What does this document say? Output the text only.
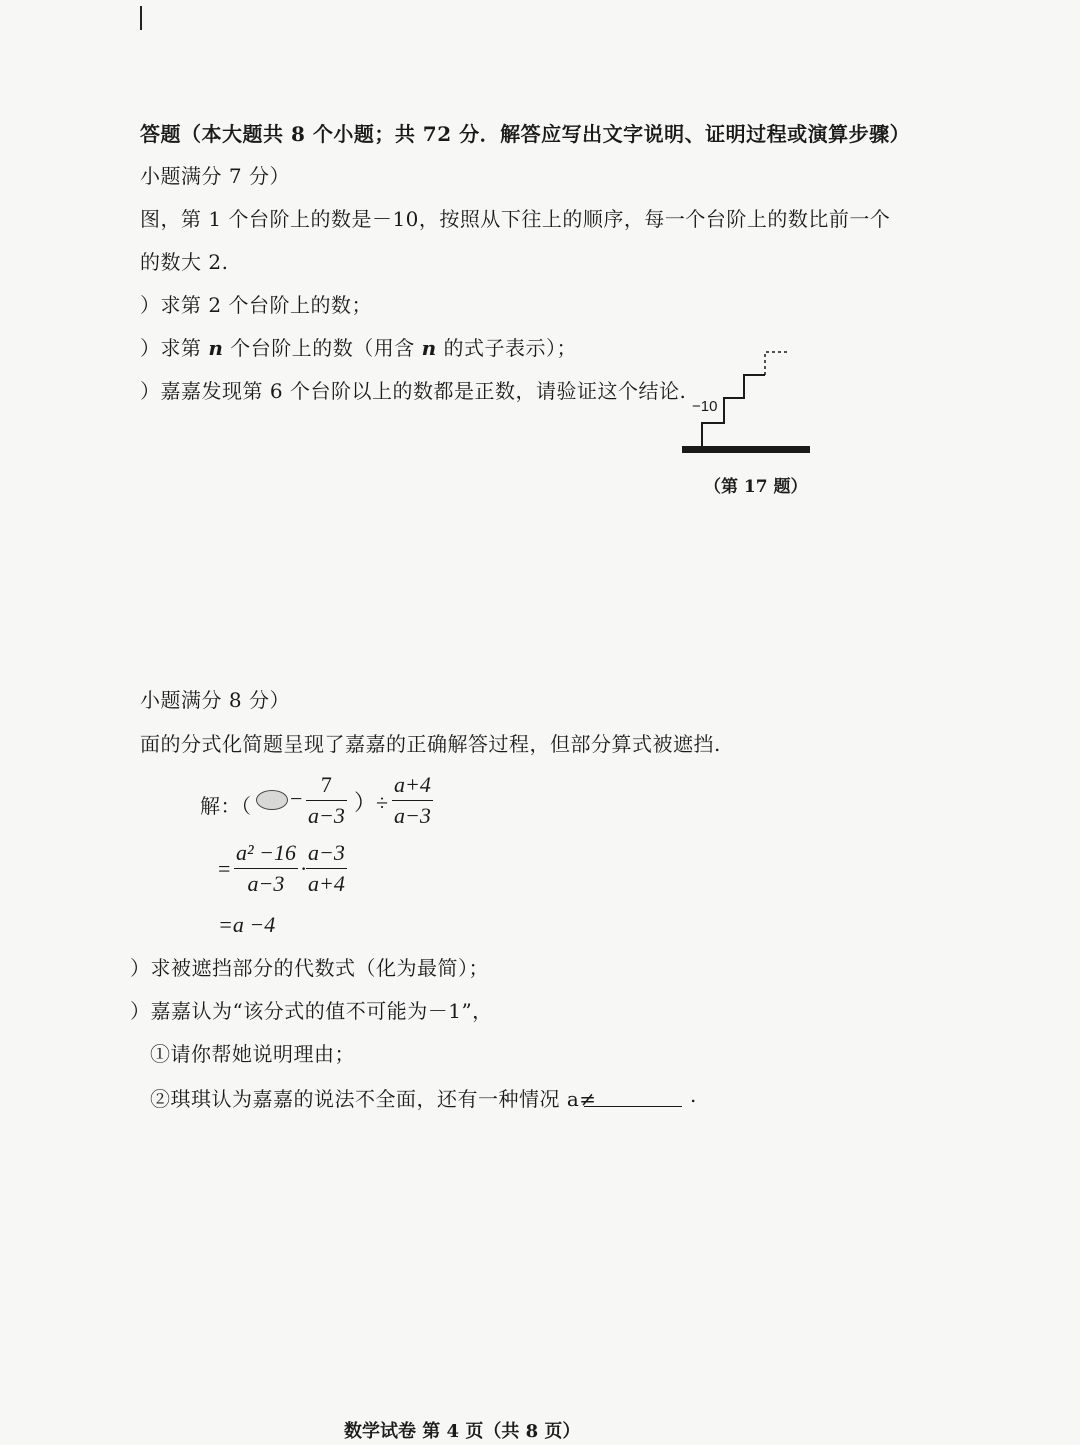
答题（本大题共 8 个小题；共 72 分．解答应写出文字说明、证明过程或演算步骤）
小题满分 7 分）
图，第 1 个台阶上的数是－10，按照从下往上的顺序，每一个台阶上的数比前一个
的数大 2.
）求第 2 个台阶上的数；
）求第 n 个台阶上的数（用含 n 的式子表示）；
）嘉嘉发现第 6 个台阶以上的数都是正数，请验证这个结论.
−10
（第 17 题）
小题满分 8 分）
面的分式化简题呈现了嘉嘉的正确解答过程，但部分算式被遮挡.
解：（ −
7
a−3
）÷
a+4
a−3
=
a² −16
a−3
·
a−3
a+4
=a −4
）求被遮挡部分的代数式（化为最简）；
）嘉嘉认为“该分式的值不可能为－1”，
①请你帮她说明理由；
②琪琪认为嘉嘉的说法不全面，还有一种情况 a≠	.
数学试卷 第 4 页（共 8 页）
